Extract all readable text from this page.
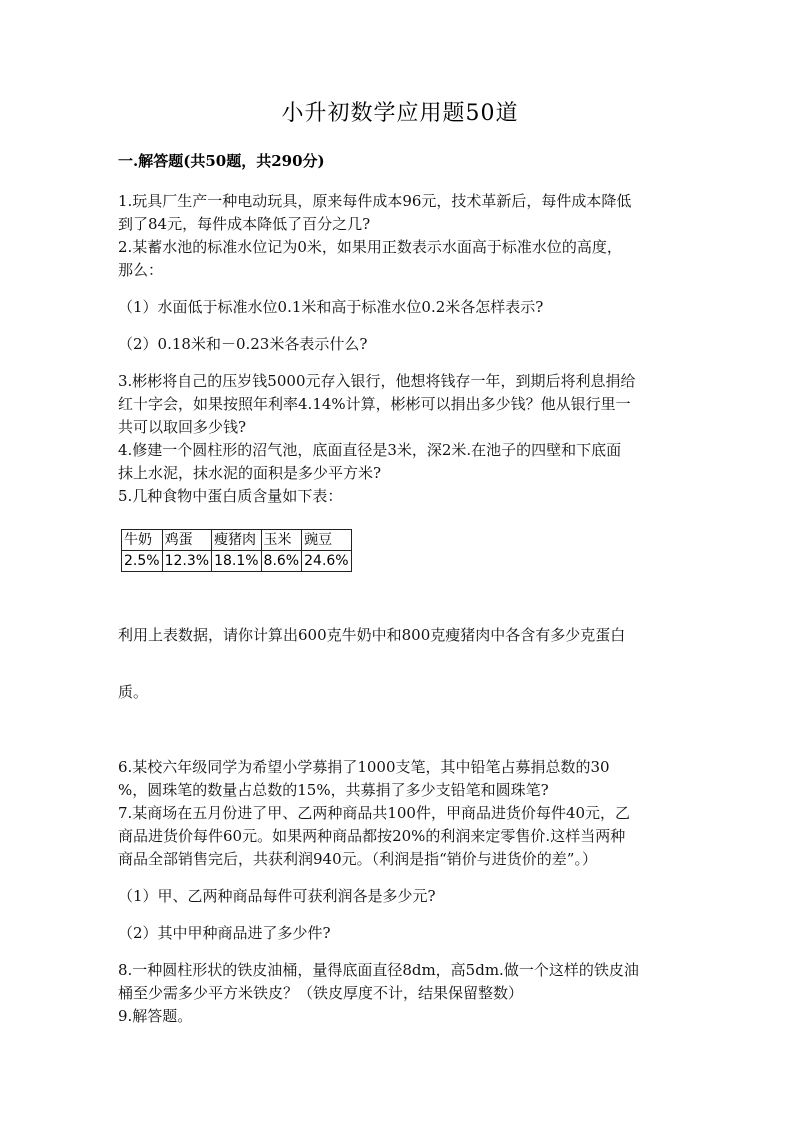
小升初数学应用题50道
一.解答题(共50题，共290分)
1.玩具厂生产一种电动玩具，原来每件成本96元，技术革新后，每件成本降低
到了84元，每件成本降低了百分之几?
2.某蓄水池的标准水位记为0米，如果用正数表示水面高于标准水位的高度，
那么：
（1）水面低于标准水位0.1米和高于标准水位0.2米各怎样表示?
（2）0.18米和－0.23米各表示什么?
3.彬彬将自己的压岁钱5000元存入银行，他想将钱存一年，到期后将利息捐给
红十字会，如果按照年利率4.14%计算，彬彬可以捐出多少钱？他从银行里一
共可以取回多少钱?
4.修建一个圆柱形的沼气池，底面直径是3米，深2米.在池子的四壁和下底面
抹上水泥，抹水泥的面积是多少平方米?
5.几种食物中蛋白质含量如下表：
牛奶	鸡蛋	瘦猪肉	玉米	豌豆
2.5%	12.3%	18.1%	8.6%	24.6%
利用上表数据，请你计算出600克牛奶中和800克瘦猪肉中各含有多少克蛋白
质。
6.某校六年级同学为希望小学募捐了1000支笔，其中铅笔占募捐总数的30
%，圆珠笔的数量占总数的15%，共募捐了多少支铅笔和圆珠笔?
7.某商场在五月份进了甲、乙两种商品共100件，甲商品进货价每件40元，乙
商品进货价每件60元。如果两种商品都按20%的利润来定零售价.这样当两种
商品全部销售完后，共获利润940元。（利润是指“销价与进货价的差”。）
（1）甲、乙两种商品每件可获利润各是多少元?
（2）其中甲种商品进了多少件?
8.一种圆柱形状的铁皮油桶，量得底面直径8dm，高5dm.做一个这样的铁皮油
桶至少需多少平方米铁皮？（铁皮厚度不计，结果保留整数）
9.解答题。
